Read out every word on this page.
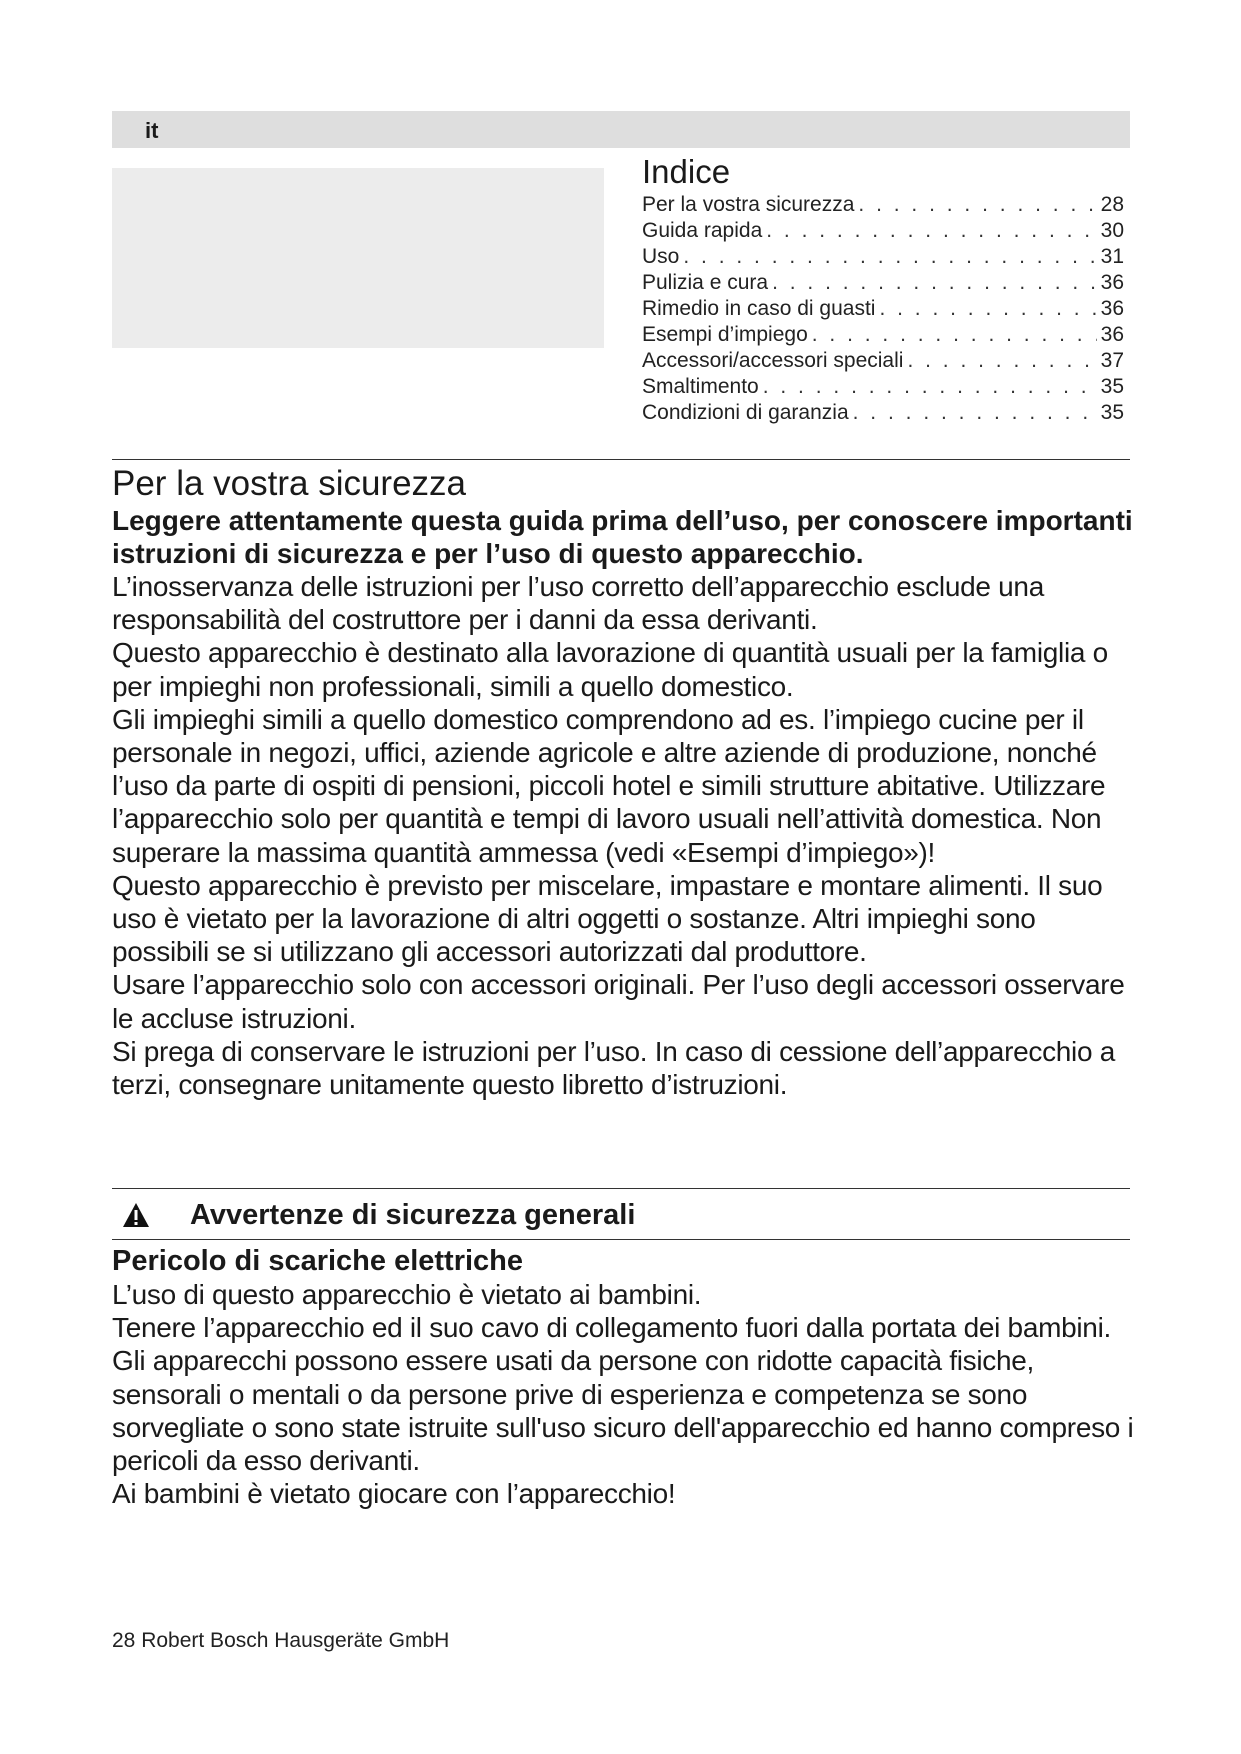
it
Indice
Per la vostra sicurezza . . .	28
Guida rapida . . .	30
Uso . . .	31
Pulizia e cura . . .	36
Rimedio in caso di guasti . . .	36
Esempi d’impiego . . .	36
Accessori/accessori speciali . . .	37
Smaltimento . . .	35
Condizioni di garanzia . . .	35
Per la vostra sicurezza

Leggere attentamente questa guida prima dell’uso, per conoscere importanti istruzioni di sicurezza e per l’uso di questo apparecchio.

L’inosservanza delle istruzioni per l’uso corretto dell’apparecchio esclude una responsabilità del costruttore per i danni da essa derivanti.

Questo apparecchio è destinato alla lavorazione di quantità usuali per la famiglia o per impieghi non professionali, simili a quello domestico.

Gli impieghi simili a quello domestico comprendono ad es. l’impiego cucine per il personale in negozi, uffici, aziende agricole e altre aziende di produzione, nonché l’uso da parte di ospiti di pensioni, piccoli hotel e simili strutture abitative. Utilizzare l’apparecchio solo per quantità e tempi di lavoro usuali nell’attività domestica. Non superare la massima quantità ammessa (vedi «Esempi d’impiego»)!

Questo apparecchio è previsto per miscelare, impastare e montare alimenti. Il suo uso è vietato per la lavorazione di altri oggetti o sostanze. Altri impieghi sono possibili se si utilizzano gli accessori autorizzati dal produttore.

Usare l’apparecchio solo con accessori originali. Per l’uso degli accessori osservare le accluse istruzioni.

Si prega di conservare le istruzioni per l’uso. In caso di cessione dell’apparecchio a terzi, consegnare unitamente questo libretto d’istruzioni.

Avvertenze di sicurezza generali
Pericolo di scariche elettriche

L’uso di questo apparecchio è vietato ai bambini.

Tenere l’apparecchio ed il suo cavo di collegamento fuori dalla portata dei bambini.

Gli apparecchi possono essere usati da persone con ridotte capacità fisiche, sensorali o mentali o da persone prive di esperienza e competenza se sono sorvegliate o sono state istruite sull'uso sicuro dell'apparecchio ed hanno compreso i pericoli da esso derivanti.

Ai bambini è vietato giocare con l’apparecchio!

28 Robert Bosch Hausgeräte GmbH
